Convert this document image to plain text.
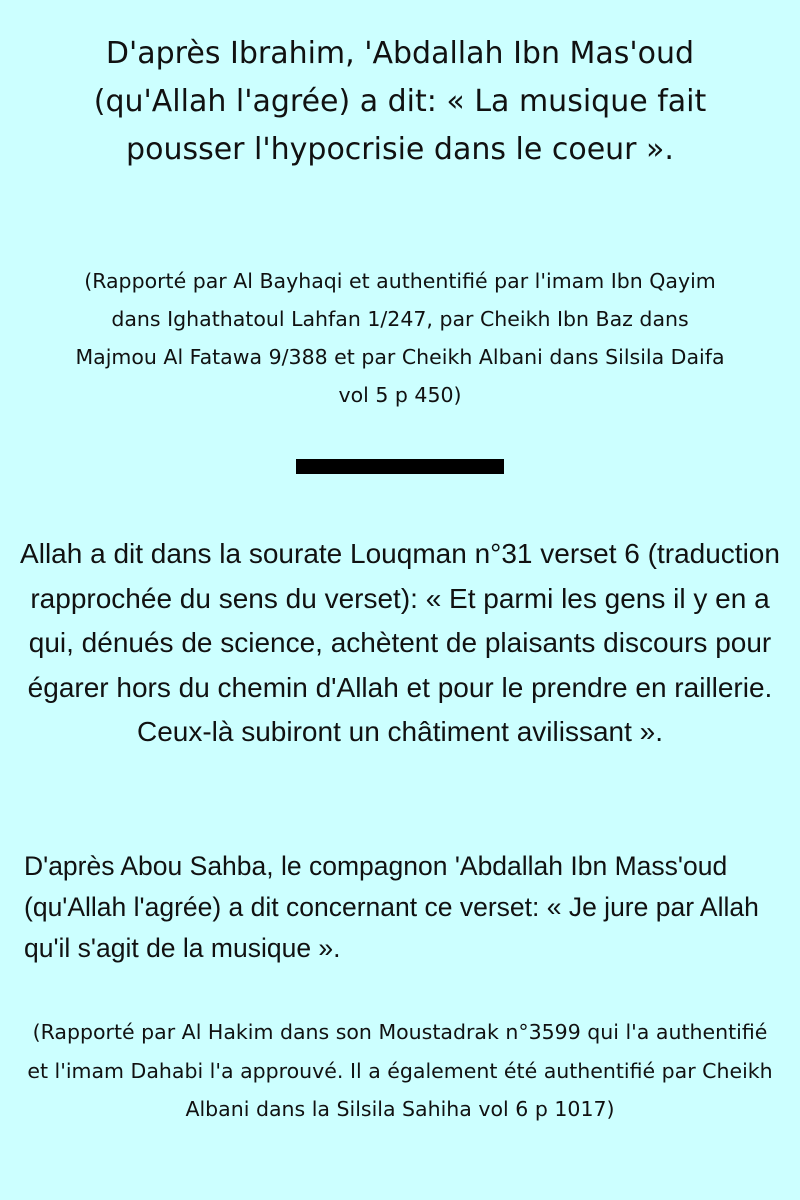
D'après Ibrahim, 'Abdallah Ibn Mas'oud (qu'Allah l'agrée) a dit: « La musique fait pousser l'hypocrisie dans le coeur ».
(Rapporté par Al Bayhaqi et authentifié par l'imam Ibn Qayim dans Ighathatoul Lahfan 1/247, par Cheikh Ibn Baz dans Majmou Al Fatawa 9/388 et par Cheikh Albani dans Silsila Daifa vol 5 p 450)
Allah a dit dans la sourate Louqman n°31 verset 6 (traduction rapprochée du sens du verset): « Et parmi les gens il y en a qui, dénués de science, achètent de plaisants discours pour égarer hors du chemin d'Allah et pour le prendre en raillerie. Ceux-là subiront un châtiment avilissant ».
D'après Abou Sahba, le compagnon 'Abdallah Ibn Mass'oud (qu'Allah l'agrée) a dit concernant ce verset: « Je jure par Allah qu'il s'agit de la musique ».
(Rapporté par Al Hakim dans son Moustadrak n°3599 qui l'a authentifié et l'imam Dahabi l'a approuvé. Il a également été authentifié par Cheikh Albani dans la Silsila Sahiha vol 6 p 1017)
